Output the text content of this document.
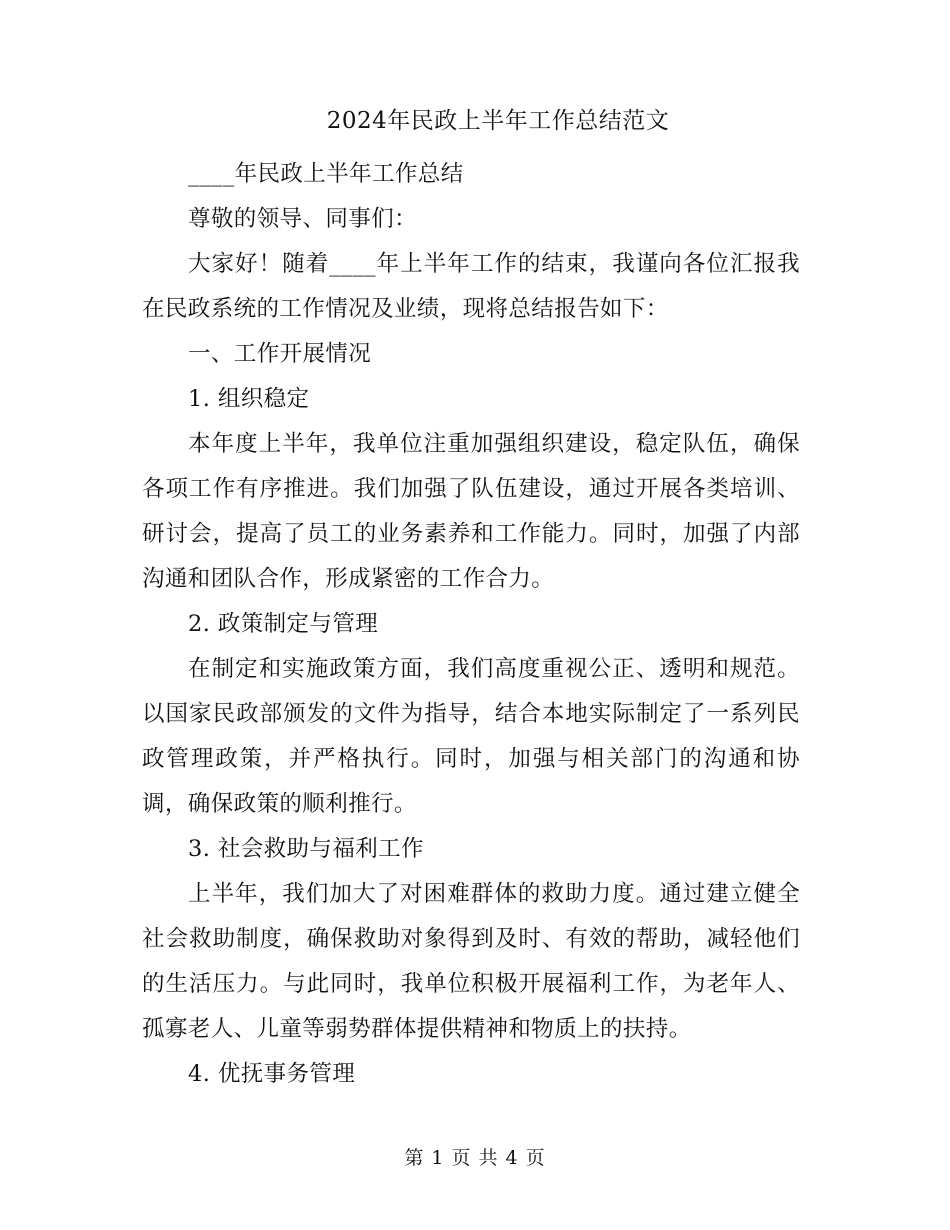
2024年民政上半年工作总结范文

____年民政上半年工作总结

尊敬的领导、同事们：

大家好！随着____年上半年工作的结束，我谨向各位汇报我在民政系统的工作情况及业绩，现将总结报告如下：

一、工作开展情况

1. 组织稳定

本年度上半年，我单位注重加强组织建设，稳定队伍，确保各项工作有序推进。我们加强了队伍建设，通过开展各类培训、研讨会，提高了员工的业务素养和工作能力。同时，加强了内部沟通和团队合作，形成紧密的工作合力。

2. 政策制定与管理

在制定和实施政策方面，我们高度重视公正、透明和规范。以国家民政部颁发的文件为指导，结合本地实际制定了一系列民政管理政策，并严格执行。同时，加强与相关部门的沟通和协调，确保政策的顺利推行。

3. 社会救助与福利工作

上半年，我们加大了对困难群体的救助力度。通过建立健全社会救助制度，确保救助对象得到及时、有效的帮助，减轻他们的生活压力。与此同时，我单位积极开展福利工作，为老年人、孤寡老人、儿童等弱势群体提供精神和物质上的扶持。

4. 优抚事务管理

第 1 页 共 4 页
